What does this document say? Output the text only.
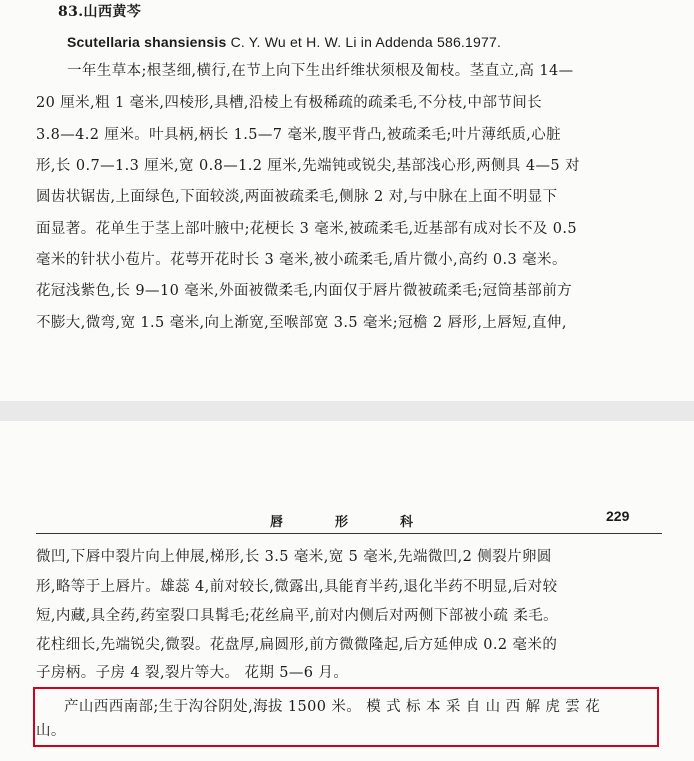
83.山西黄芩
Scutellaria shansiensis C. Y. Wu et H. W. Li in Addenda 586.1977.
一年生草本;根茎细,横行,在节上向下生出纤维状须根及匍枝。茎直立,高 14—
20 厘米,粗 1 毫米,四棱形,具槽,沿棱上有极稀疏的疏柔毛,不分枝,中部节间长
3.8—4.2 厘米。叶具柄,柄长 1.5—7 毫米,腹平背凸,被疏柔毛;叶片薄纸质,心脏
形,长 0.7—1.3 厘米,宽 0.8—1.2 厘米,先端钝或锐尖,基部浅心形,两侧具 4—5 对
圆齿状锯齿,上面绿色,下面较淡,两面被疏柔毛,侧脉 2 对,与中脉在上面不明显下
面显著。花单生于茎上部叶腋中;花梗长 3 毫米,被疏柔毛,近基部有成对长不及 0.5
毫米的针状小苞片。花萼开花时长 3 毫米,被小疏柔毛,盾片微小,高约 0.3 毫米。
花冠浅紫色,长 9—10 毫米,外面被微柔毛,内面仅于唇片微被疏柔毛;冠筒基部前方
不膨大,微弯,宽 1.5 毫米,向上渐宽,至喉部宽 3.5 毫米;冠檐 2 唇形,上唇短,直伸,
唇形科	229
微凹,下唇中裂片向上伸展,梯形,长 3.5 毫米,宽 5 毫米,先端微凹,2 侧裂片卵圆
形,略等于上唇片。雄蕊 4,前对较长,微露出,具能育半药,退化半药不明显,后对较
短,内藏,具全药,药室裂口具髯毛;花丝扁平,前对内侧后对两侧下部被小疏 柔毛。
花柱细长,先端锐尖,微裂。花盘厚,扁圆形,前方微微隆起,后方延伸成 0.2 毫米的
子房柄。子房 4 裂,裂片等大。 花期 5—6 月。
产山西西南部;生于沟谷阴处,海拔 1500 米。 模 式 标 本 采 自 山 西 解 虎 雲 花
山。
